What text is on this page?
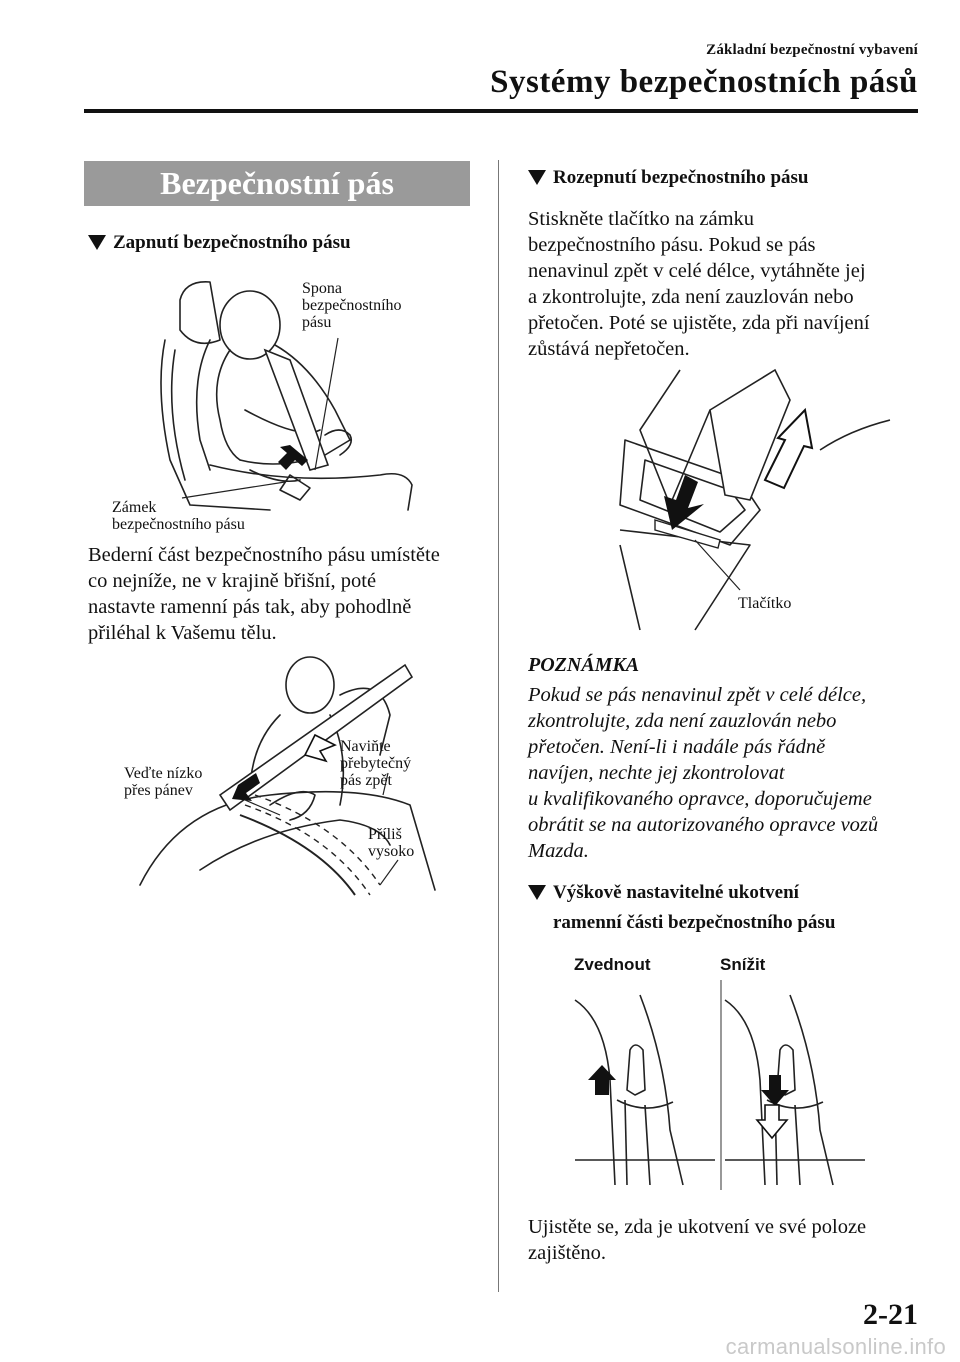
Základní bezpečnostní vybavení
Systémy bezpečnostních pásů
Bezpečnostní pás
Zapnutí bezpečnostního pásu
Spona
bezpečnostního
pásu
Zámek
bezpečnostního pásu
Bederní část bezpečnostního pásu umístěte
co nejníže, ne v krajině břišní, poté
nastavte ramenní pás tak, aby pohodlně
přiléhal k Vašemu tělu.
Veďte nízko
přes pánev
Naviňte
přebytečný
pás zpět
Příliš
vysoko
Rozepnutí bezpečnostního pásu
Stiskněte tlačítko na zámku
bezpečnostního pásu. Pokud se pás
nenavinul zpět v celé délce, vytáhněte jej
a zkontrolujte, zda není zauzlován nebo
přetočen. Poté se ujistěte, zda při navíjení
zůstává nepřetočen.
Tlačítko
POZNÁMKA
Pokud se pás nenavinul zpět v celé délce,
zkontrolujte, zda není zauzlován nebo
přetočen. Není-li i nadále pás řádně
navíjen, nechte jej zkontrolovat
u kvalifikovaného opravce, doporučujeme
obrátit se na autorizovaného opravce vozů
Mazda.
Výškově nastavitelné ukotvení
ramenní části bezpečnostního pásu
Zvednout	Snížit
Ujistěte se, zda je ukotvení ve své poloze
zajištěno.
2-21
carmanualsonline.info
